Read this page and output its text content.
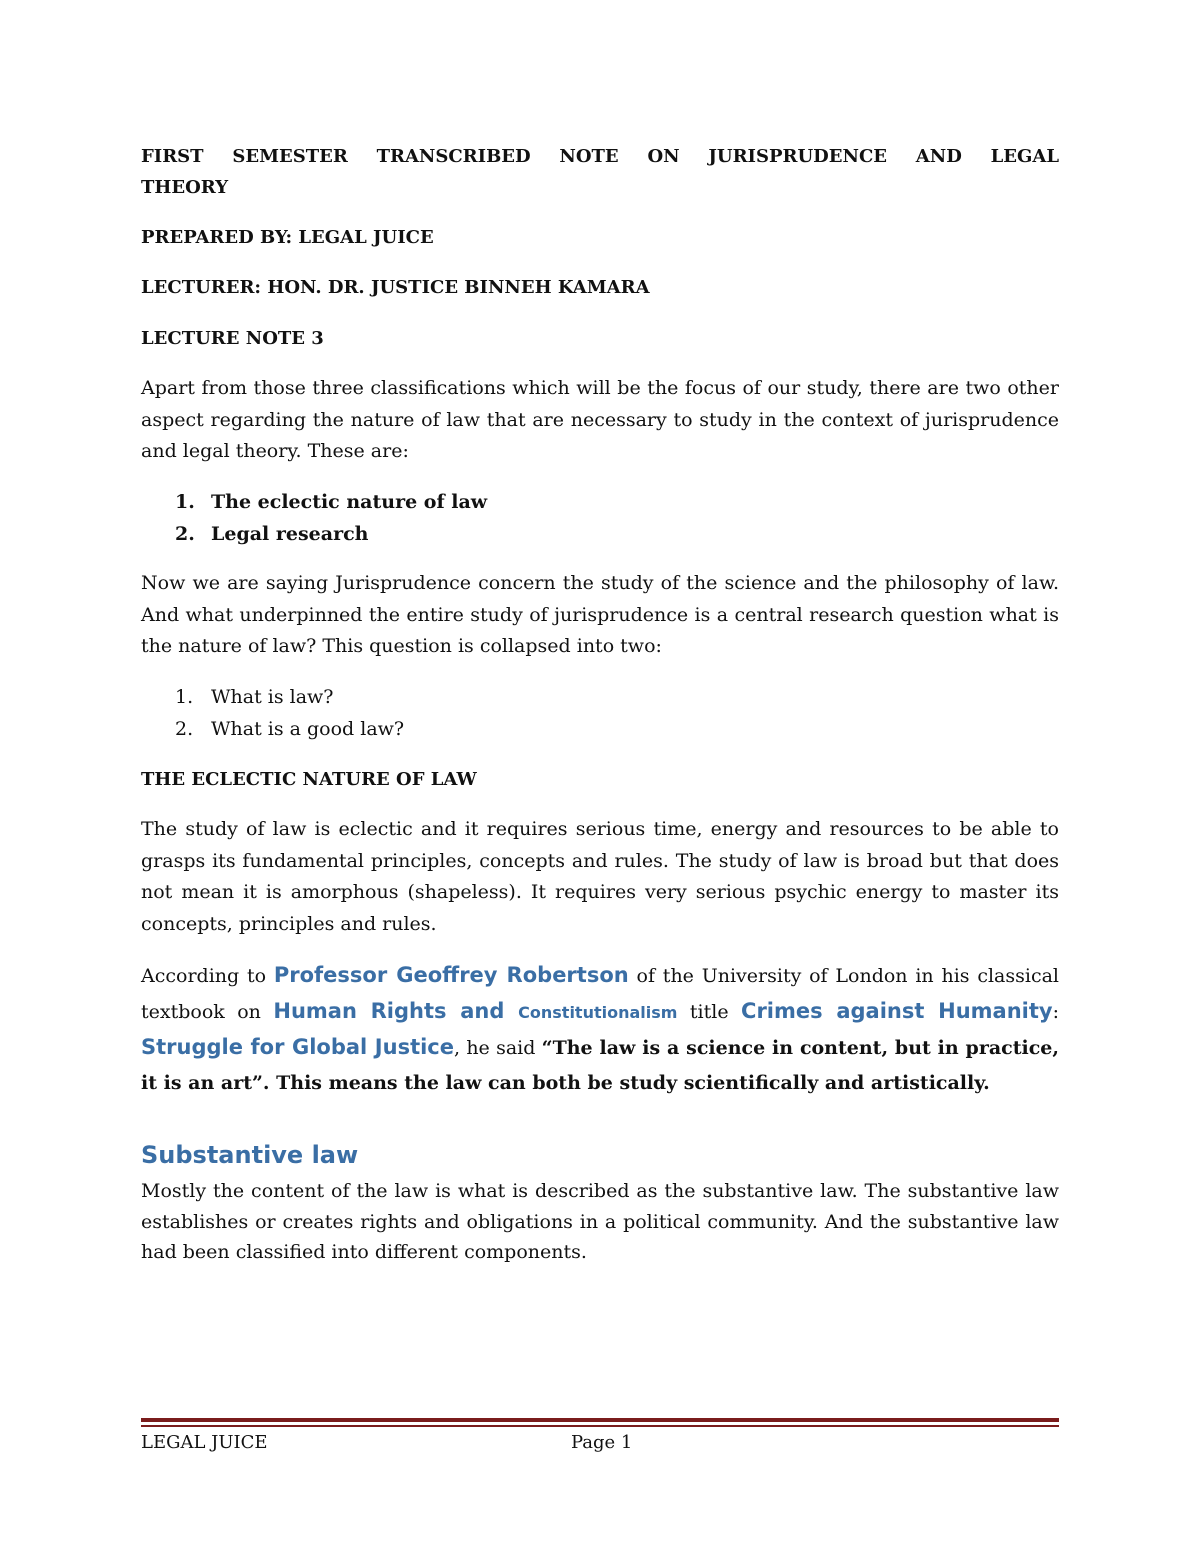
FIRST SEMESTER TRANSCRIBED NOTE ON JURISPRUDENCE AND LEGAL
THEORY
PREPARED BY: LEGAL JUICE
LECTURER: HON. DR. JUSTICE BINNEH KAMARA
LECTURE NOTE 3

Apart from those three classifications which will be the focus of our study, there are two other aspect regarding the nature of law that are necessary to study in the context of jurisprudence and legal theory. These are:

1. The eclectic nature of law
2. Legal research

Now we are saying Jurisprudence concern the study of the science and the philosophy of law. And what underpinned the entire study of jurisprudence is a central research question what is the nature of law? This question is collapsed into two:

1. What is law?
2. What is a good law?
THE ECLECTIC NATURE OF LAW

The study of law is eclectic and it requires serious time, energy and resources to be able to grasps its fundamental principles, concepts and rules. The study of law is broad but that does not mean it is amorphous (shapeless). It requires very serious psychic energy to master its concepts, principles and rules.

According to Professor Geoffrey Robertson of the University of London in his classical textbook on Human Rights and Constitutionalism title Crimes against Humanity: Struggle for Global Justice, he said “The law is a science in content, but in practice, it is an art”. This means the law can both be study scientifically and artistically.

Substantive law

Mostly the content of the law is what is described as the substantive law. The substantive law establishes or creates rights and obligations in a political community. And the substantive law had been classified into different components.

LEGAL JUICE	Page 1
